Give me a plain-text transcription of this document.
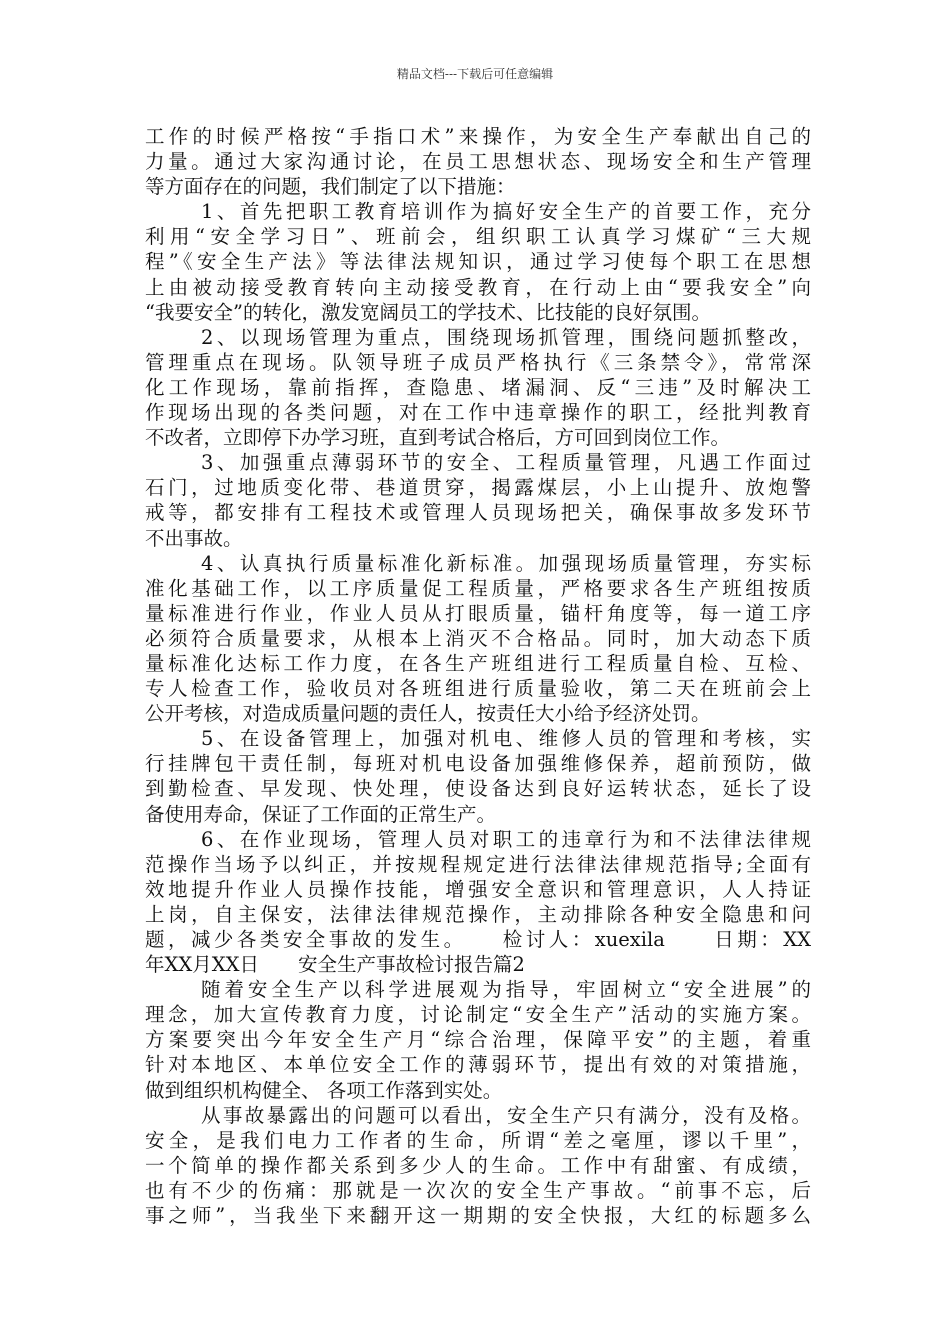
精品文档---下载后可任意编辑
工作的时候严格按“手指口术”来操作，为安全生产奉献出自己的
力量。通过大家沟通讨论，在员工思想状态、现场安全和生产管理
等方面存在的问题，我们制定了以下措施：
1、首先把职工教育培训作为搞好安全生产的首要工作，充分
利用“安全学习日”、班前会，组织职工认真学习煤矿“三大规
程”《安全生产法》等法律法规知识，通过学习使每个职工在思想
上由被动接受教育转向主动接受教育，在行动上由“要我安全”向
“我要安全”的转化，激发宽阔员工的学技术、比技能的良好氛围。
2、以现场管理为重点，围绕现场抓管理，围绕问题抓整改，
管理重点在现场。队领导班子成员严格执行《三条禁令》，常常深
化工作现场，靠前指挥，查隐患、堵漏洞、反“三违”及时解决工
作现场出现的各类问题，对在工作中违章操作的职工，经批判教育
不改者，立即停下办学习班，直到考试合格后，方可回到岗位工作。
3、加强重点薄弱环节的安全、工程质量管理，凡遇工作面过
石门，过地质变化带、巷道贯穿，揭露煤层，小上山提升、放炮警
戒等，都安排有工程技术或管理人员现场把关，确保事故多发环节
不出事故。
4、认真执行质量标准化新标准。加强现场质量管理，夯实标
准化基础工作，以工序质量促工程质量，严格要求各生产班组按质
量标准进行作业，作业人员从打眼质量，锚杆角度等，每一道工序
必须符合质量要求，从根本上消灭不合格品。同时，加大动态下质
量标准化达标工作力度，在各生产班组进行工程质量自检、互检、
专人检查工作，验收员对各班组进行质量验收，第二天在班前会上
公开考核，对造成质量问题的责任人，按责任大小给予经济处罚。
5、在设备管理上，加强对机电、维修人员的管理和考核，实
行挂牌包干责任制，每班对机电设备加强维修保养，超前预防，做
到勤检查、早发现、快处理，使设备达到良好运转状态，延长了设
备使用寿命，保证了工作面的正常生产。
6、在作业现场，管理人员对职工的违章行为和不法律法律规
范操作当场予以纠正，并按规程规定进行法律法律规范指导;全面有
效地提升作业人员操作技能，增强安全意识和管理意识，人人持证
上岗，自主保安，法律法律规范操作，主动排除各种安全隐患和问
题，减少各类安全事故的发生。　　检讨人：xuexila　　日期：XX
年XX月XX日　　安全生产事故检讨报告篇2
随着安全生产以科学进展观为指导，牢固树立“安全进展”的
理念，加大宣传教育力度，讨论制定“安全生产”活动的实施方案。
方案要突出今年安全生产月“综合治理，保障平安”的主题，着重
针对本地区、本单位安全工作的薄弱环节，提出有效的对策措施，
做到组织机构健全、 各项工作落到实处。
从事故暴露出的问题可以看出，安全生产只有满分，没有及格。
安全，是我们电力工作者的生命，所谓“差之毫厘，谬以千里”，
一个简单的操作都关系到多少人的生命。工作中有甜蜜、有成绩，
也有不少的伤痛：那就是一次次的安全生产事故。“前事不忘，后
事之师”，当我坐下来翻开这一期期的安全快报，大红的标题多么
